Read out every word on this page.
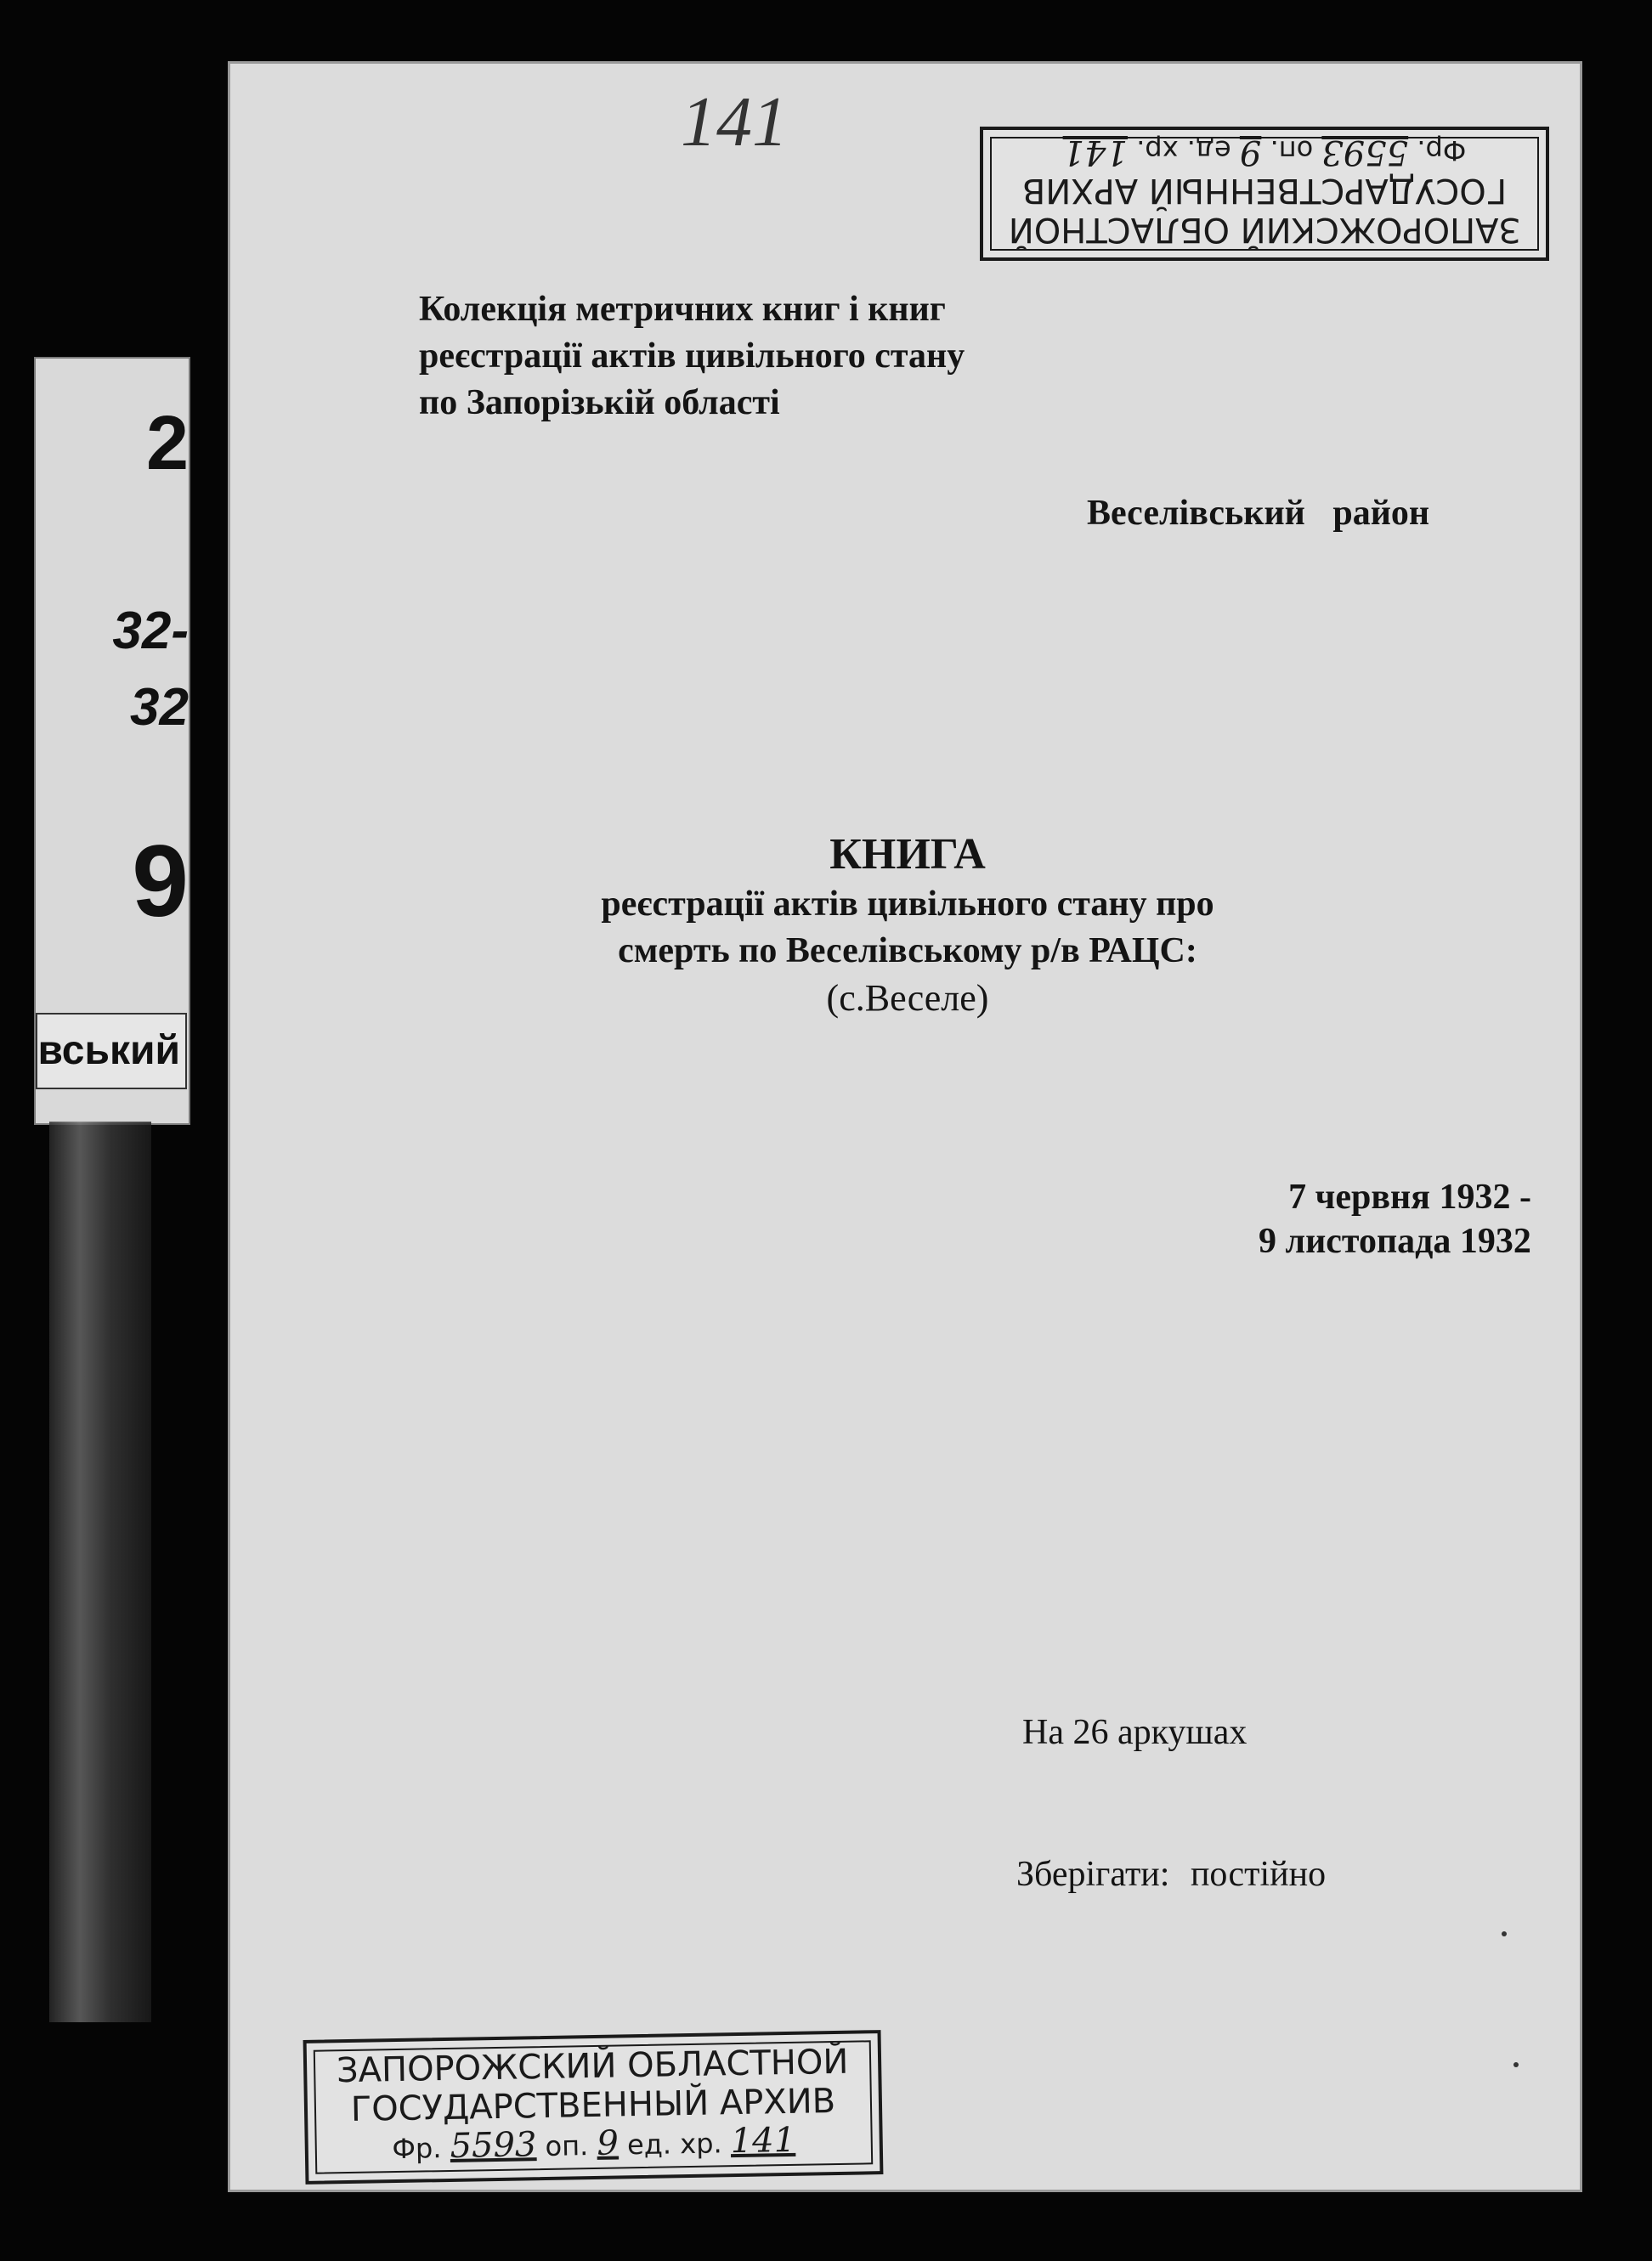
2
32-
32
9
вський
141
ЗАПОРОЖСКИЙ ОБЛАСТНОЙ
ГОСУДАРСТВЕННЫЙ АРХИВ
Фр. 5593 оп. 9 ед. хр. 141
Колекція метричних книг і книг
реєстрації актів цивільного стану
по Запорізькій області
Веселівський район
КНИГА
реєстрації актів цивільного стану про
смерть по Веселівському р/в РАЦС:
(с.Веселе)
7 червня 1932 -
9 листопада 1932
На 26 аркушах
Зберігати: постійно
ЗАПОРОЖСКИЙ ОБЛАСТНОЙ
ГОСУДАРСТВЕННЫЙ АРХИВ
Фр. 5593 оп. 9 ед. хр. 141
